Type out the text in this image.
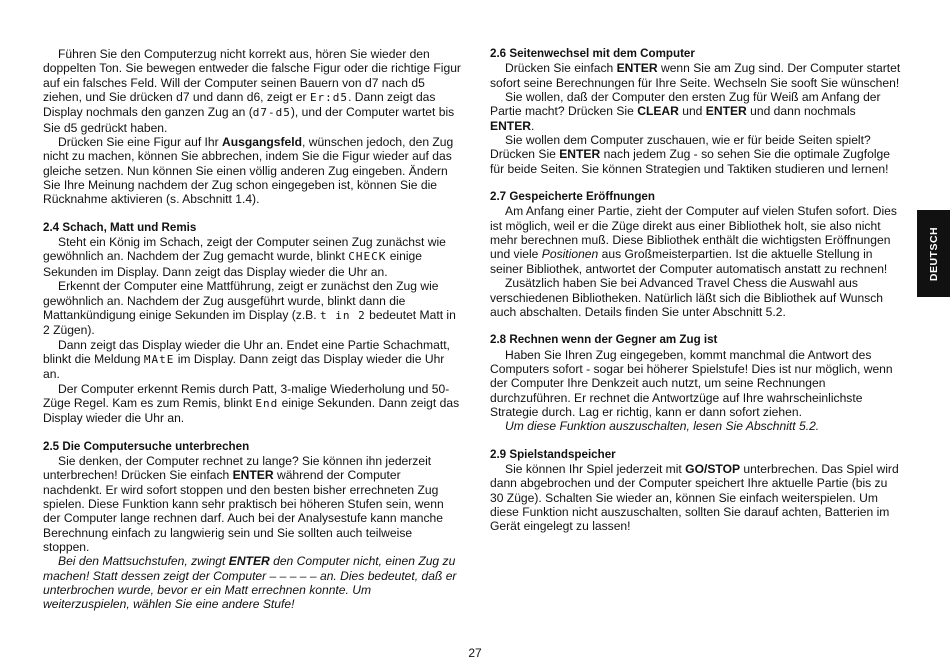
Führen Sie den Computerzug nicht korrekt aus, hören Sie wieder den doppelten Ton. Sie bewegen entweder die falsche Figur oder die richtige Figur auf ein falsches Feld. Will der Computer seinen Bauern von d7 nach d5 ziehen, und Sie drücken d7 und dann d6, zeigt er Er:d5. Dann zeigt das Display nochmals den ganzen Zug an (d7-d5), und der Computer wartet bis Sie d5 gedrückt haben.

Drücken Sie eine Figur auf Ihr Ausgangsfeld, wünschen jedoch, den Zug nicht zu machen, können Sie abbrechen, indem Sie die Figur wieder auf das gleiche setzen. Nun können Sie einen völlig anderen Zug eingeben. Ändern Sie Ihre Meinung nachdem der Zug schon eingegeben ist, können Sie die Rücknahme aktivieren (s. Abschnitt 1.4).

2.4 Schach, Matt und Remis

Steht ein König im Schach, zeigt der Computer seinen Zug zunächst wie gewöhnlich an. Nachdem der Zug gemacht wurde, blinkt CHECK einige Sekunden im Display. Dann zeigt das Display wieder die Uhr an.

Erkennt der Computer eine Mattführung, zeigt er zunächst den Zug wie gewöhnlich an. Nachdem der Zug ausgeführt wurde, blinkt dann die Mattankündigung einige Sekunden im Display (z.B. t in 2 bedeutet Matt in 2 Zügen).

Dann zeigt das Display wieder die Uhr an. Endet eine Partie Schachmatt, blinkt die Meldung MAtE im Display. Dann zeigt das Display wieder die Uhr an.

Der Computer erkennt Remis durch Patt, 3-malige Wiederholung und 50-Züge Regel. Kam es zum Remis, blinkt End einige Sekunden. Dann zeigt das Display wieder die Uhr an.

2.5 Die Computersuche unterbrechen

Sie denken, der Computer rechnet zu lange? Sie können ihn jederzeit unterbrechen! Drücken Sie einfach ENTER während der Computer nachdenkt. Er wird sofort stoppen und den besten bisher errechneten Zug spielen. Diese Funktion kann sehr praktisch bei höheren Stufen sein, wenn der Computer lange rechnen darf. Auch bei der Analysestufe kann manche Berechnung einfach zu langwierig sein und Sie sollten auch teilweise stoppen.

Bei den Mattsuchstufen, zwingt ENTER den Computer nicht, einen Zug zu machen! Statt dessen zeigt der Computer – – – – – an. Dies bedeutet, daß er unterbrochen wurde, bevor er ein Matt errechnen konnte. Um weiterzuspielen, wählen Sie eine andere Stufe!

2.6 Seitenwechsel mit dem Computer

Drücken Sie einfach ENTER wenn Sie am Zug sind. Der Computer startet sofort seine Berechnungen für Ihre Seite. Wechseln Sie sooft Sie wünschen!

Sie wollen, daß der Computer den ersten Zug für Weiß am Anfang der Partie macht? Drücken Sie CLEAR und ENTER und dann nochmals ENTER.

Sie wollen dem Computer zuschauen, wie er für beide Seiten spielt? Drücken Sie ENTER nach jedem Zug - so sehen Sie die optimale Zugfolge für beide Seiten. Sie können Strategien und Taktiken studieren und lernen!

2.7 Gespeicherte Eröffnungen

Am Anfang einer Partie, zieht der Computer auf vielen Stufen sofort. Dies ist möglich, weil er die Züge direkt aus einer Bibliothek holt, sie also nicht mehr berechnen muß. Diese Bibliothek enthält die wichtigsten Eröffnungen und viele Positionen aus Großmeisterpartien. Ist die aktuelle Stellung in seiner Bibliothek, antwortet der Computer automatisch anstatt zu rechnen!

Zusätzlich haben Sie bei Advanced Travel Chess die Auswahl aus verschiedenen Bibliotheken. Natürlich läßt sich die Bibliothek auf Wunsch auch abschalten. Details finden Sie unter Abschnitt 5.2.

2.8 Rechnen wenn der Gegner am Zug ist

Haben Sie Ihren Zug eingegeben, kommt manchmal die Antwort des Computers sofort - sogar bei höherer Spielstufe! Dies ist nur möglich, wenn der Computer Ihre Denkzeit auch nutzt, um seine Rechnungen durchzuführen. Er rechnet die Antwortzüge auf Ihre wahrscheinlichste Strategie durch. Lag er richtig, kann er dann sofort ziehen.

Um diese Funktion auszuschalten, lesen Sie Abschnitt 5.2.

2.9 Spielstandspeicher

Sie können Ihr Spiel jederzeit mit GO/STOP unterbrechen. Das Spiel wird dann abgebrochen und der Computer speichert Ihre aktuelle Partie (bis zu 30 Züge). Schalten Sie wieder an, können Sie einfach weiterspielen. Um diese Funktion nicht auszuschalten, sollten Sie darauf achten, Batterien im Gerät eingelegt zu lassen!

DEUTSCH
27
